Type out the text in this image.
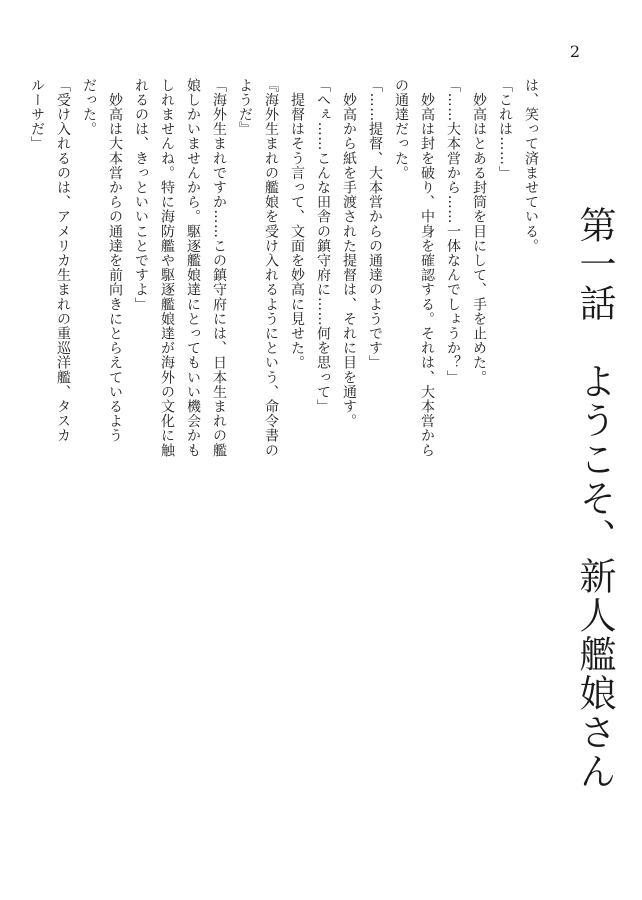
2
第一話　ようこそ、新人艦娘さん
は、笑って済ませている。
「これは……」
　妙高はとある封筒を目にして、手を止めた。
「……大本営から……一体なんでしょうか？」
　妙高は封を破り、中身を確認する。それは、大本営から
の通達だった。
「……提督、大本営からの通達のようです」
　妙高から紙を手渡された提督は、それに目を通す。
「へぇ……こんな田舎の鎮守府に……何を思って」
　提督はそう言って、文面を妙高に見せた。
『海外生まれの艦娘を受け入れるようにという、命令書の
ようだ』
「海外生まれですか……この鎮守府には、日本生まれの艦
娘しかいませんから。駆逐艦娘達にとってもいい機会かも
しれませんね。特に海防艦や駆逐艦娘達が海外の文化に触
れるのは、きっといいことですよ」
　妙高は大本営からの通達を前向きにとらえているよう
だった。
「受け入れるのは、アメリカ生まれの重巡洋艦、タスカ
ルーサだ」
